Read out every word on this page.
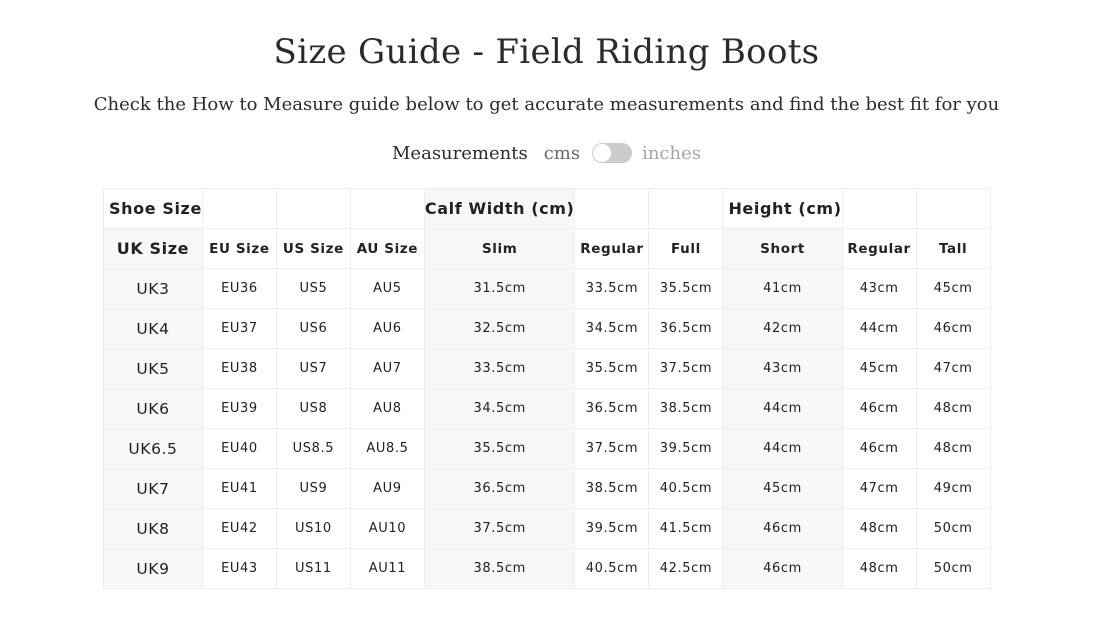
Size Guide - Field Riding Boots
Check the How to Measure guide below to get accurate measurements and find the best fit for you
Measurements cms	inches
Shoe Size				Calf Width (cm)			Height (cm)		
UK Size	EU Size	US Size	AU Size	Slim	Regular	Full	Short	Regular	Tall
UK3	EU36	US5	AU5	31.5cm	33.5cm	35.5cm	41cm	43cm	45cm
UK4	EU37	US6	AU6	32.5cm	34.5cm	36.5cm	42cm	44cm	46cm
UK5	EU38	US7	AU7	33.5cm	35.5cm	37.5cm	43cm	45cm	47cm
UK6	EU39	US8	AU8	34.5cm	36.5cm	38.5cm	44cm	46cm	48cm
UK6.5	EU40	US8.5	AU8.5	35.5cm	37.5cm	39.5cm	44cm	46cm	48cm
UK7	EU41	US9	AU9	36.5cm	38.5cm	40.5cm	45cm	47cm	49cm
UK8	EU42	US10	AU10	37.5cm	39.5cm	41.5cm	46cm	48cm	50cm
UK9	EU43	US11	AU11	38.5cm	40.5cm	42.5cm	46cm	48cm	50cm
